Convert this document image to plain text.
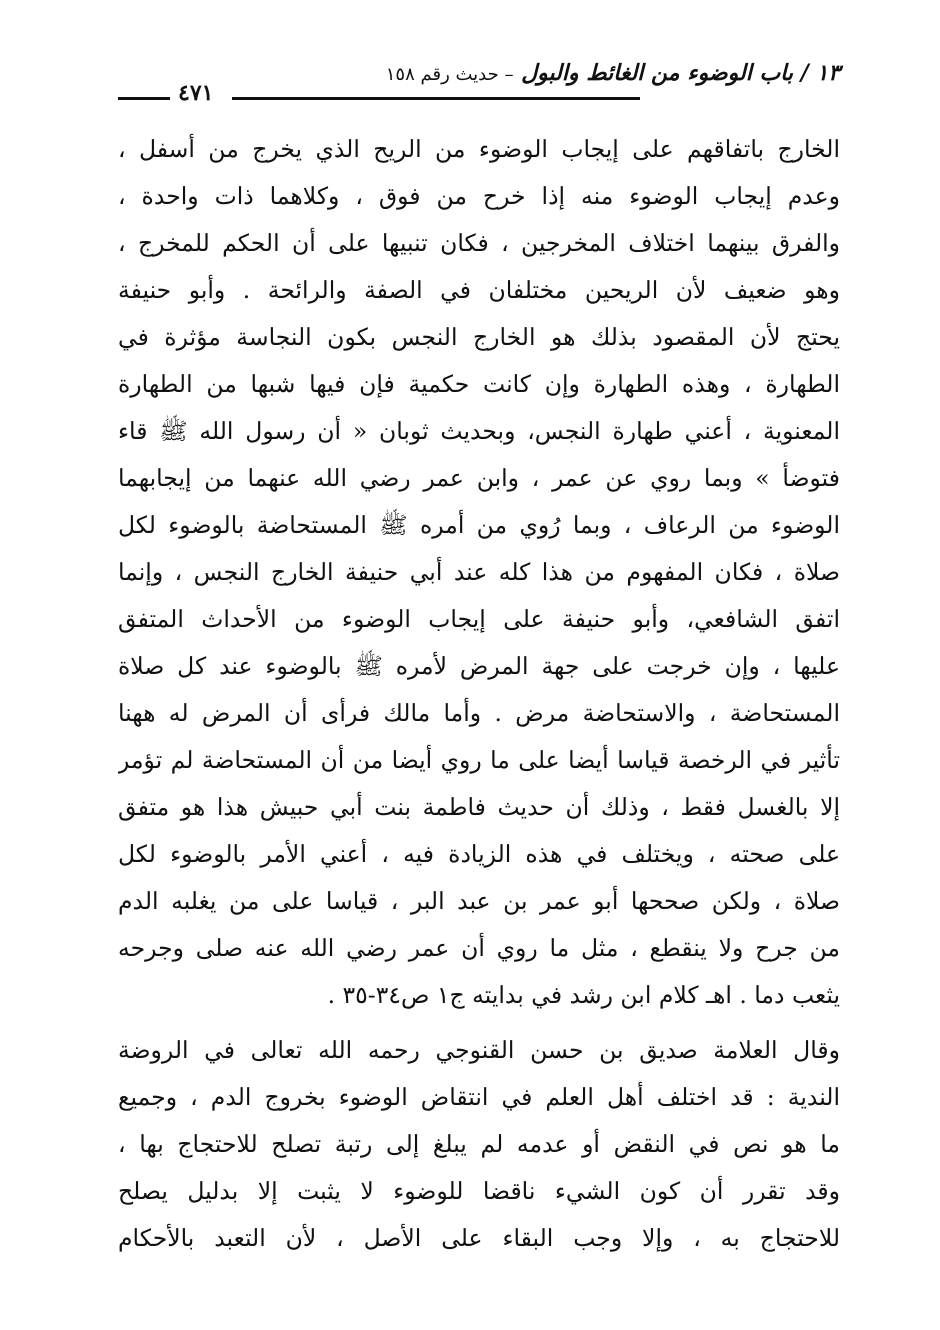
١٣ / باب الوضوء من الغائط والبول – حديث رقم ١٥٨
٤٧١
الخارج باتفاقهم على إيجاب الوضوء من الريح الذي يخرج من أسفل ،
وعدم إيجاب الوضوء منه إذا خرح من فوق ، وكلاهما ذات واحدة ،
والفرق بينهما اختلاف المخرجين ، فكان تنبيها على أن الحكم للمخرج ،
وهو ضعيف لأن الريحين مختلفان في الصفة والرائحة . وأبو حنيفة
يحتج لأن المقصود بذلك هو الخارج النجس بكون النجاسة مؤثرة في
الطهارة ، وهذه الطهارة وإن كانت حكمية فإن فيها شبها من الطهارة
المعنوية ، أعني طهارة النجس، وبحديث ثوبان « أن رسول الله ﷺ قاء
فتوضأ » وبما روي عن عمر ، وابن عمر رضي الله عنهما من إيجابهما
الوضوء من الرعاف ، وبما رُوي من أمره ﷺ المستحاضة بالوضوء لكل
صلاة ، فكان المفهوم من هذا كله عند أبي حنيفة الخارج النجس ، وإنما
اتفق الشافعي، وأبو حنيفة على إيجاب الوضوء من الأحداث المتفق
عليها ، وإن خرجت على جهة المرض لأمره ﷺ بالوضوء عند كل صلاة
المستحاضة ، والاستحاضة مرض . وأما مالك فرأى أن المرض له ههنا
تأثير في الرخصة قياسا أيضا على ما روي أيضا من أن المستحاضة لم تؤمر
إلا بالغسل فقط ، وذلك أن حديث فاطمة بنت أبي حبيش هذا هو متفق
على صحته ، ويختلف في هذه الزيادة فيه ، أعني الأمر بالوضوء لكل
صلاة ، ولكن صححها أبو عمر بن عبد البر ، قياسا على من يغلبه الدم
من جرح ولا ينقطع ، مثل ما روي أن عمر رضي الله عنه صلى وجرحه
يثعب دما . اهـ كلام ابن رشد في بدايته ج١ ص٣٤-٣٥ .
وقال العلامة صديق بن حسن القنوجي رحمه الله تعالى في الروضة
الندية : قد اختلف أهل العلم في انتقاض الوضوء بخروج الدم ، وجميع
ما هو نص في النقض أو عدمه لم يبلغ إلى رتبة تصلح للاحتجاج بها ،
وقد تقرر أن كون الشيء ناقضا للوضوء لا يثبت إلا بدليل يصلح
للاحتجاج به ، وإلا وجب البقاء على الأصل ، لأن التعبد بالأحكام
